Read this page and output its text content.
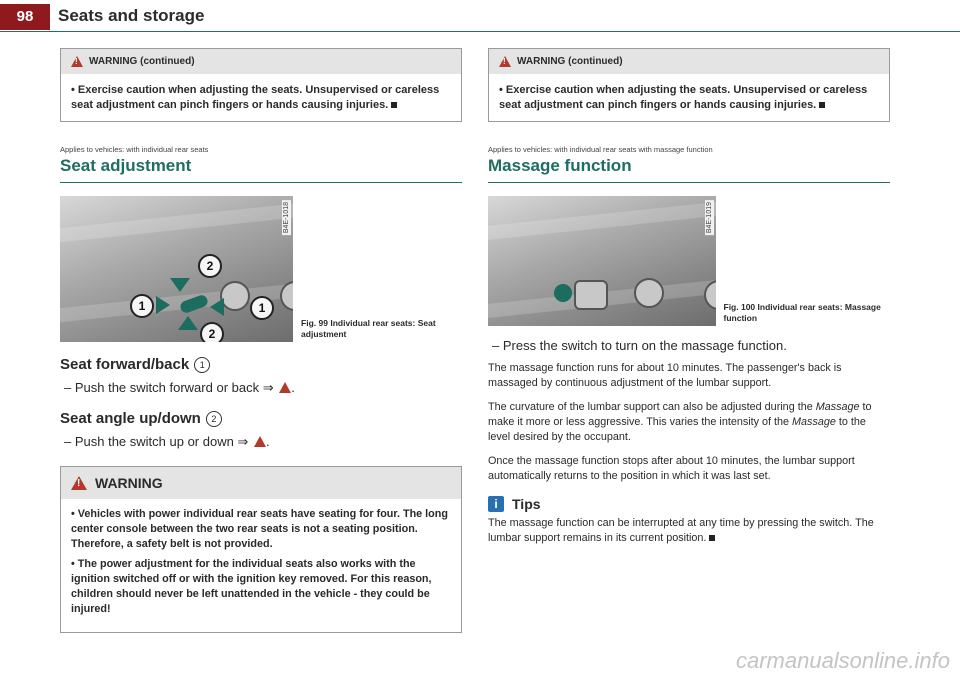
98	Seats and storage
!
WARNING (continued)
• Exercise caution when adjusting the seats. Unsupervised or careless seat adjustment can pinch fingers or hands causing injuries.
Applies to vehicles: with individual rear seats
Seat adjustment
B4E-1018
2
1	1
2
Fig. 99 Individual rear seats: Seat adjustment
Seat forward/back	1
– Push the switch forward or back ⇒ .
Seat angle up/down	2
– Push the switch up or down ⇒ .
!
WARNING

• Vehicles with power individual rear seats have seating for four. The long center console between the two rear seats is not a seating position. Therefore, a safety belt is not provided.

• The power adjustment for the individual seats also works with the ignition switched off or with the ignition key removed. For this reason, children should never be left unattended in the vehicle - they could be injured!

!
WARNING (continued)
• Exercise caution when adjusting the seats. Unsupervised or careless seat adjustment can pinch fingers or hands causing injuries.
Applies to vehicles: with individual rear seats with massage function
Massage function
B4E-1019
Fig. 100 Individual rear seats: Massage function
– Press the switch to turn on the massage function.

The massage function runs for about 10 minutes. The passenger's back is massaged by continuous adjustment of the lumbar support.

The curvature of the lumbar support can also be adjusted during the Massage to make it more or less aggressive. This varies the intensity of the Massage to the level desired by the occupant.

Once the massage function stops after about 10 minutes, the lumbar support automatically returns to the position in which it was last set.

i	Tips
The massage function can be interrupted at any time by pressing the switch. The lumbar support remains in its current position.
carmanualsonline.info
